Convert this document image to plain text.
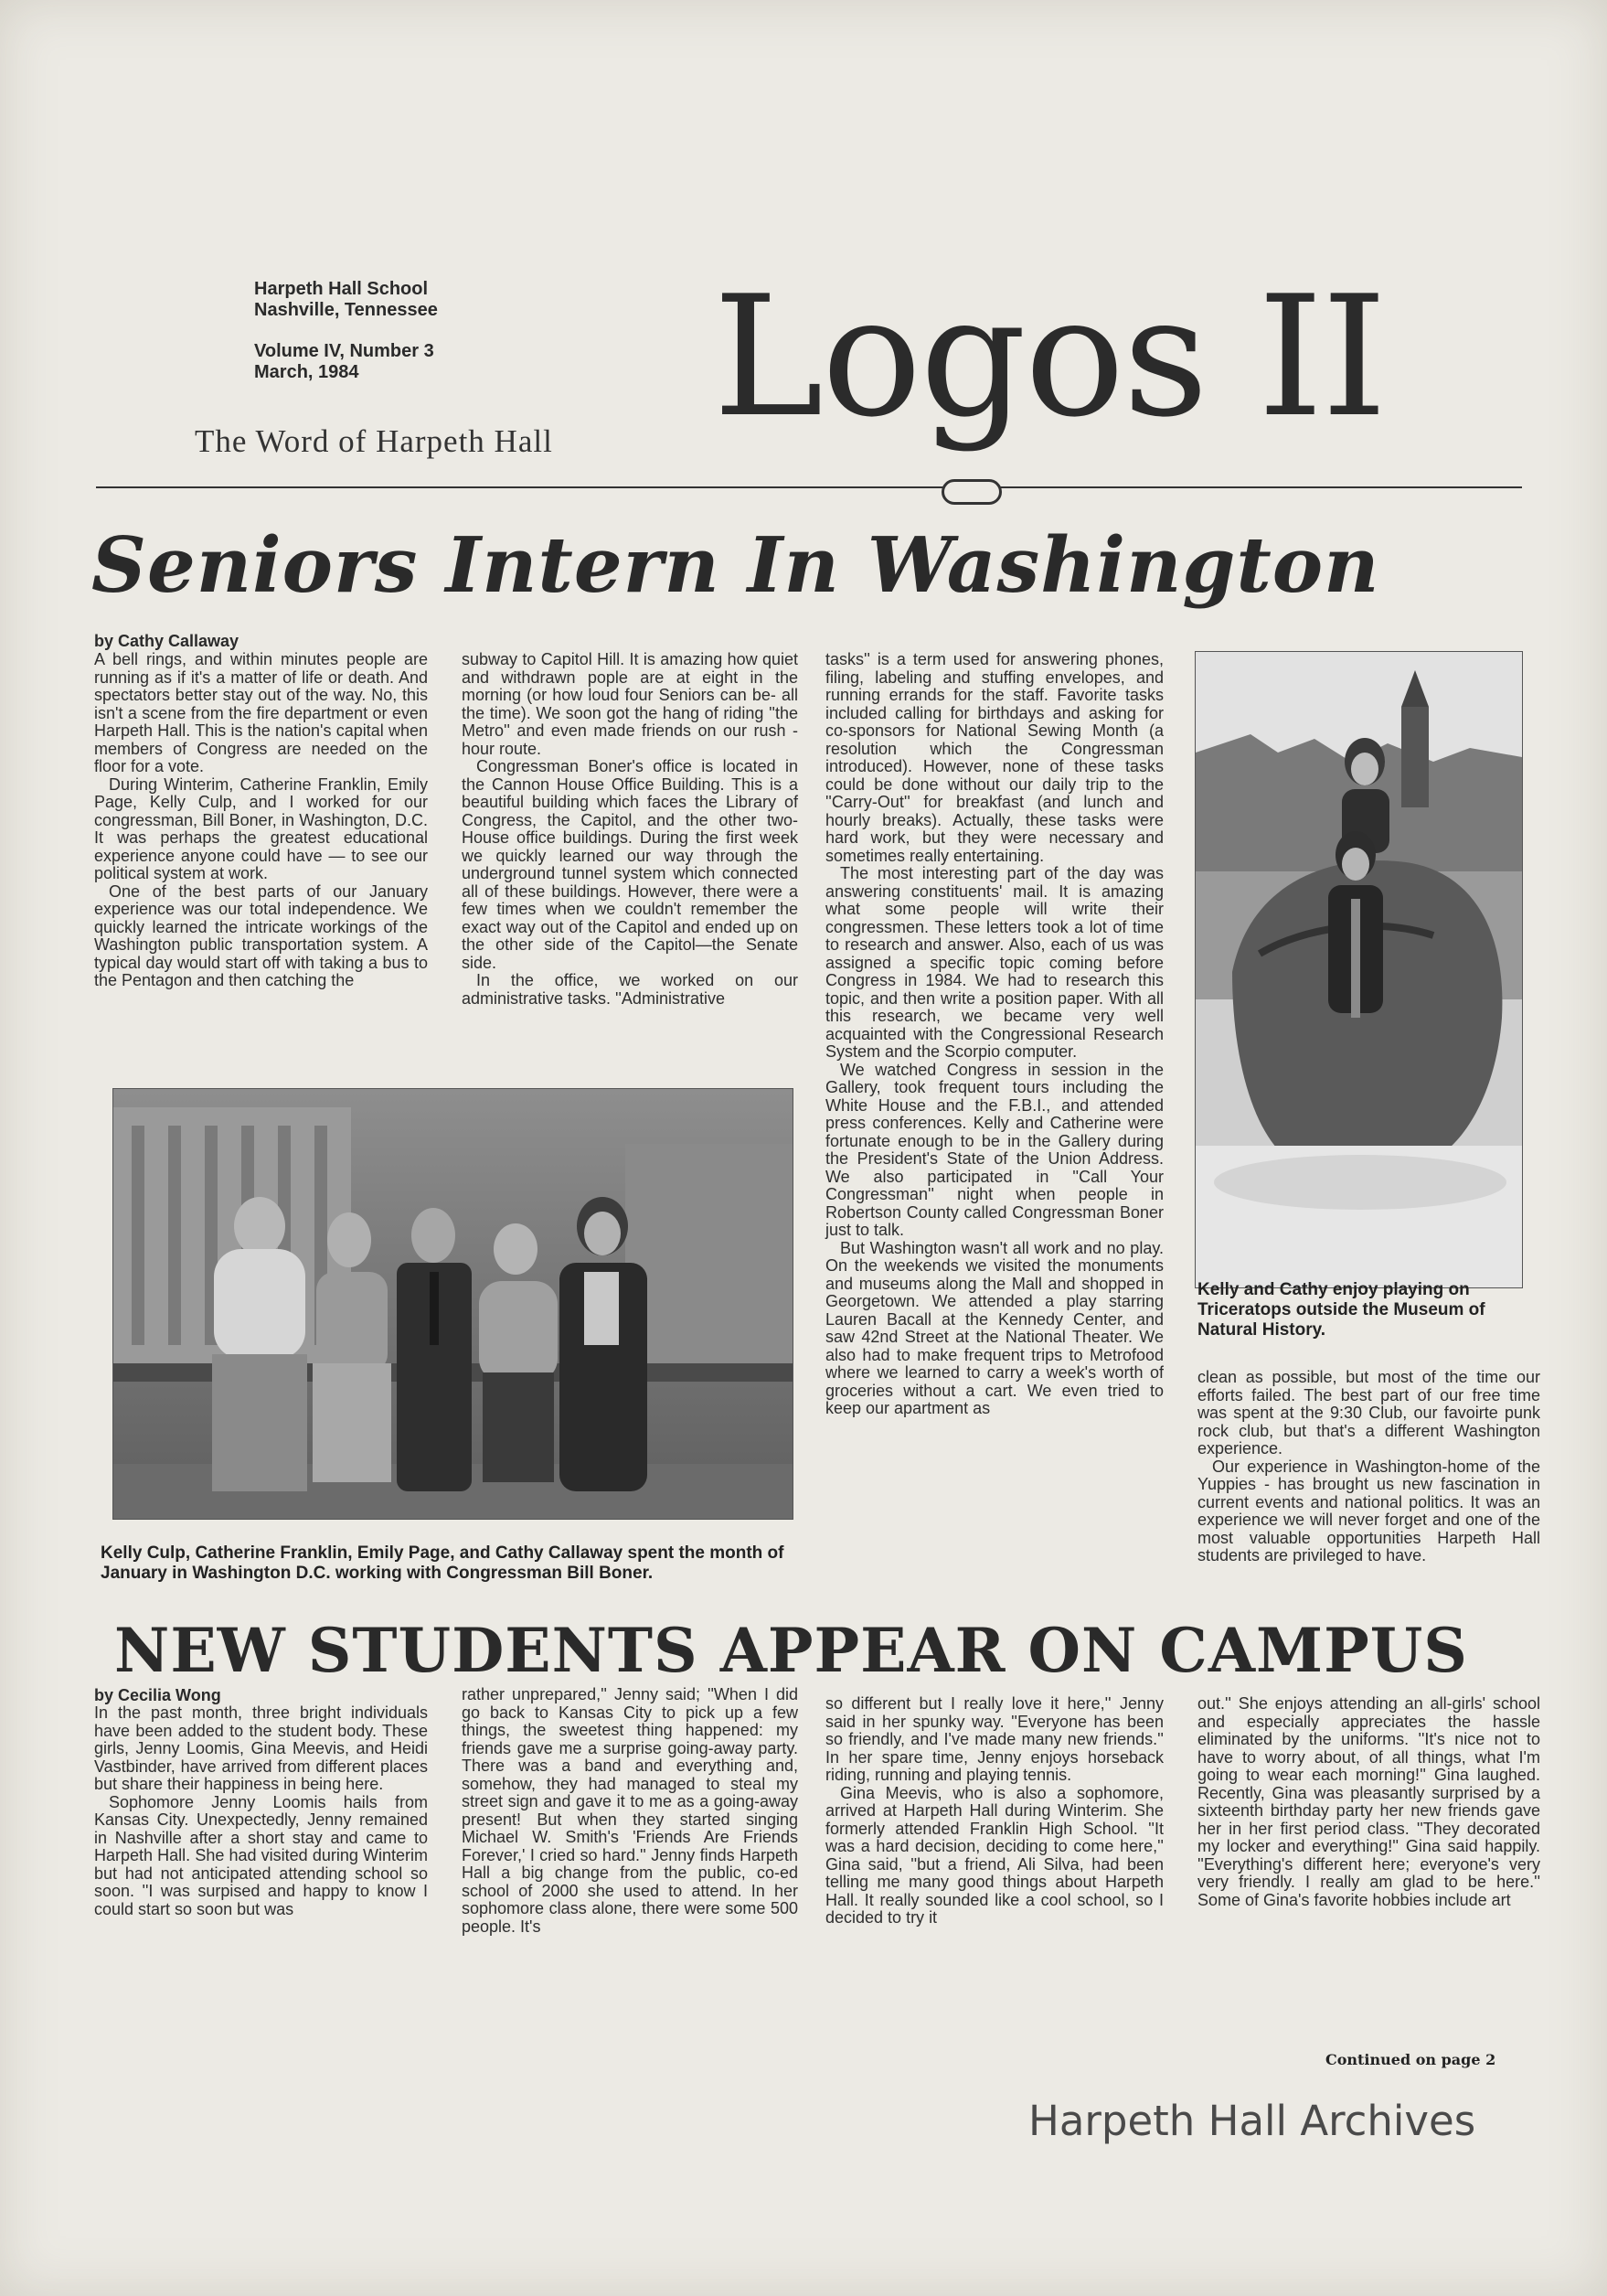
Harpeth Hall School
Nashville, Tennessee
Volume IV, Number 3
March, 1984
The Word of Harpeth Hall Logos II
Seniors Intern In Washington
by Cathy Callaway

A bell rings, and within minutes people are running as if it's a matter of life or death. And spectators better stay out of the way. No, this isn't a scene from the fire department or even Harpeth Hall. This is the nation's capital when members of Congress are needed on the floor for a vote.

During Winterim, Catherine Franklin, Emily Page, Kelly Culp, and I worked for our congressman, Bill Boner, in Washington, D.C. It was perhaps the greatest educational experience anyone could have — to see our political system at work.

One of the best parts of our January experience was our total independence. We quickly learned the intricate workings of the Washington public transportation system. A typical day would start off with taking a bus to the Pentagon and then catching the

subway to Capitol Hill. It is amazing how quiet and withdrawn pople are at eight in the morning (or how loud four Seniors can be- all the time). We soon got the hang of riding ''the Metro'' and even made friends on our rush -hour route.

Congressman Boner's office is located in the Cannon House Office Building. This is a beautiful building which faces the Library of Congress, the Capitol, and the other two-House office buildings. During the first week we quickly learned our way through the underground tunnel system which connected all of these buildings. However, there were a few times when we couldn't remember the exact way out of the Capitol and ended up on the other side of the Capitol—the Senate side.

In the office, we worked on our administrative tasks. ''Administrative

tasks'' is a term used for answering phones, filing, labeling and stuffing envelopes, and running errands for the staff. Favorite tasks included calling for birthdays and asking for co-sponsors for National Sewing Month (a resolution which the Congressman introduced). However, none of these tasks could be done without our daily trip to the ''Carry-Out'' for breakfast (and lunch and hourly breaks). Actually, these tasks were hard work, but they were necessary and sometimes really entertaining.

The most interesting part of the day was answering constituents' mail. It is amazing what some people will write their congressmen. These letters took a lot of time to research and answer. Also, each of us was assigned a specific topic coming before Congress in 1984. We had to research this topic, and then write a position paper. With all this research, we became very well acquainted with the Congressional Research System and the Scorpio computer.

We watched Congress in session in the Gallery, took frequent tours including the White House and the F.B.I., and attended press conferences. Kelly and Catherine were fortunate enough to be in the Gallery during the President's State of the Union Address. We also participated in ''Call Your Congressman'' night when people in Robertson County called Congressman Boner just to talk.

But Washington wasn't all work and no play. On the weekends we visited the monuments and museums along the Mall and shopped in Georgetown. We attended a play starring Lauren Bacall at the Kennedy Center, and saw 42nd Street at the National Theater. We also had to make frequent trips to Metrofood where we learned to carry a week's worth of groceries without a cart. We even tried to keep our apartment as

clean as possible, but most of the time our efforts failed. The best part of our free time was spent at the 9:30 Club, our favoirte punk rock club, but that's a different Washington experience.

Our experience in Washington-home of the Yuppies - has brought us new fascination in current events and national politics. It was an experience we will never forget and one of the most valuable opportunities Harpeth Hall students are privileged to have.

Kelly Culp, Catherine Franklin, Emily Page, and Cathy Callaway spent the month of January in Washington D.C. working with Congressman Bill Boner.
Kelly and Cathy enjoy playing on Triceratops outside the Museum of Natural History.
NEW STUDENTS APPEAR ON CAMPUS
by Cecilia Wong

In the past month, three bright individuals have been added to the student body. These girls, Jenny Loomis, Gina Meevis, and Heidi Vastbinder, have arrived from different places but share their happiness in being here.

Sophomore Jenny Loomis hails from Kansas City. Unexpectedly, Jenny remained in Nashville after a short stay and came to Harpeth Hall. She had visited during Winterim but had not anticipated attending school so soon. ''I was surpised and happy to know I could start so soon but was

rather unprepared,'' Jenny said; ''When I did go back to Kansas City to pick up a few things, the sweetest thing happened: my friends gave me a surprise going-away party. There was a band and everything and, somehow, they had managed to steal my street sign and gave it to me as a going-away present! But when they started singing Michael W. Smith's 'Friends Are Friends Forever,' I cried so hard.'' Jenny finds Harpeth Hall a big change from the public, co-ed school of 2000 she used to attend. In her sophomore class alone, there were some 500 people. It's

so different but I really love it here,'' Jenny said in her spunky way. ''Everyone has been so friendly, and I've made many new friends.'' In her spare time, Jenny enjoys horseback riding, running and playing tennis.

Gina Meevis, who is also a sophomore, arrived at Harpeth Hall during Winterim. She formerly attended Franklin High School. ''It was a hard decision, deciding to come here,'' Gina said, ''but a friend, Ali Silva, had been telling me many good things about Harpeth Hall. It really sounded like a cool school, so I decided to try it

out.'' She enjoys attending an all-girls' school and especially appreciates the hassle eliminated by the uniforms. ''It's nice not to have to worry about, of all things, what I'm going to wear each morning!'' Gina laughed. Recently, Gina was pleasantly surprised by a sixteenth birthday party her new friends gave her in her first period class. ''They decorated my locker and everything!'' Gina said happily. ''Everything's different here; everyone's very very friendly. I really am glad to be here.'' Some of Gina's favorite hobbies include art

Continued on page 2
Harpeth Hall Archives
